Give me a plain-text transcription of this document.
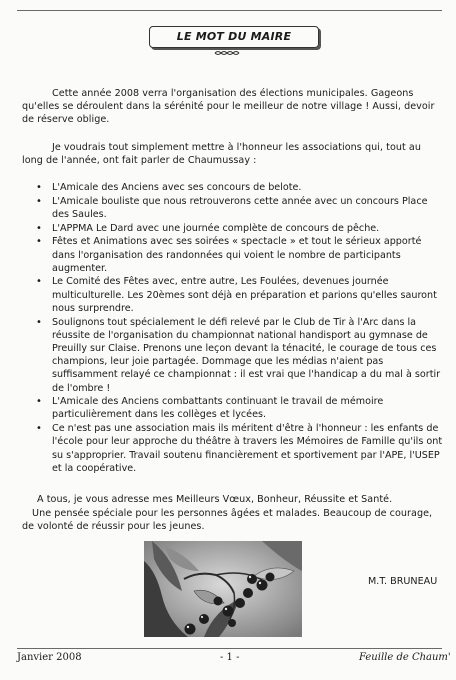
LE MOT DU MAIRE

Cette année 2008 verra l'organisation des élections municipales. Gageons qu'elles se déroulent dans la sérénité pour le meilleur de notre village ! Aussi, devoir de réserve oblige.

Je voudrais tout simplement mettre à l'honneur les associations qui, tout au long de l'année, ont fait parler de Chaumussay :

• L'Amicale des Anciens avec ses concours de belote.
• L'Amicale bouliste que nous retrouverons cette année avec un concours Place des Saules.
• L'APPMA Le Dard avec une journée complète de concours de pêche.
• Fêtes et Animations avec ses soirées « spectacle » et tout le sérieux apporté dans l'organisation des randonnées qui voient le nombre de participants augmenter.
• Le Comité des Fêtes avec, entre autre, Les Foulées, devenues journée multiculturelle. Les 20èmes sont déjà en préparation et parions qu'elles sauront nous surprendre.
• Soulignons tout spécialement le défi relevé par le Club de Tir à l'Arc dans la réussite de l'organisation du championnat national handisport au gymnase de Preuilly sur Claise. Prenons une leçon devant la ténacité, le courage de tous ces champions, leur joie partagée. Dommage que les médias n'aient pas suffisamment relayé ce championnat : il est vrai que l'handicap a du mal à sortir de l'ombre !
• L'Amicale des Anciens combattants continuant le travail de mémoire particulièrement dans les collèges et lycées.
• Ce n'est pas une association mais ils méritent d'être à l'honneur : les enfants de l'école pour leur approche du théâtre à travers les Mémoires de Famille qu'ils ont su s'approprier. Travail soutenu financièrement et sportivement par l'APE, l'USEP et la coopérative.

A tous, je vous adresse mes Meilleurs Vœux, Bonheur, Réussite et Santé.

Une pensée spéciale pour les personnes âgées et malades. Beaucoup de courage, de volonté de réussir pour les jeunes.

M.T. BRUNEAU
Janvier 2008	- 1 -	Feuille de Chaum'
